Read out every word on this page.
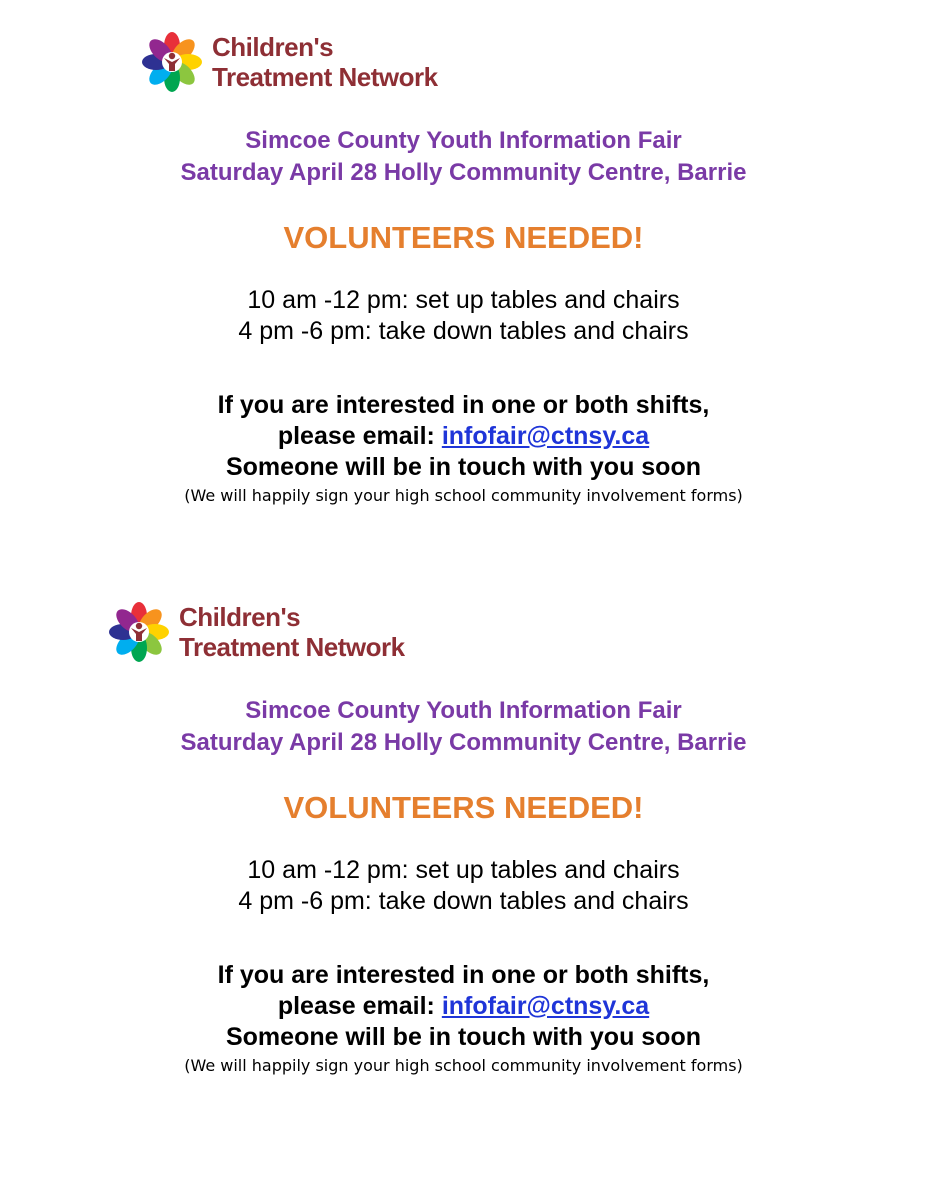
Children's
Treatment Network
Simcoe County Youth Information Fair
Saturday April 28 Holly Community Centre, Barrie
VOLUNTEERS NEEDED!
10 am -12 pm: set up tables and chairs
4 pm -6 pm: take down tables and chairs
If you are interested in one or both shifts,
please email: infofair@ctnsy.ca
Someone will be in touch with you soon
(We will happily sign your high school community involvement forms)
Children's
Treatment Network
Simcoe County Youth Information Fair
Saturday April 28 Holly Community Centre, Barrie
VOLUNTEERS NEEDED!
10 am -12 pm: set up tables and chairs
4 pm -6 pm: take down tables and chairs
If you are interested in one or both shifts,
please email: infofair@ctnsy.ca
Someone will be in touch with you soon
(We will happily sign your high school community involvement forms)
